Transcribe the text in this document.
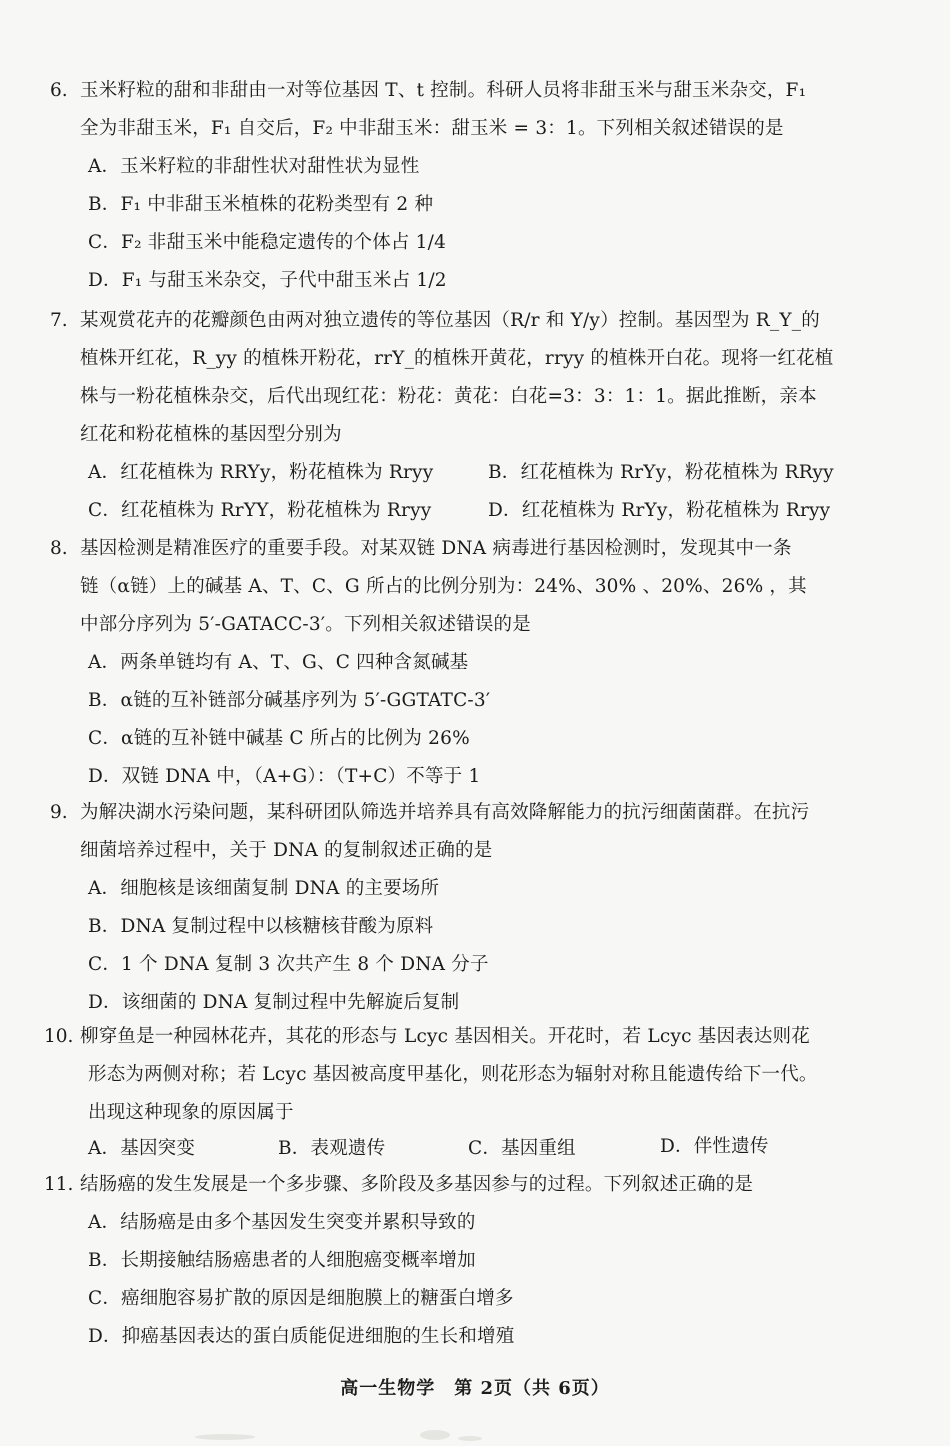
6. 玉米籽粒的甜和非甜由一对等位基因 T、t 控制。科研人员将非甜玉米与甜玉米杂交，F₁
全为非甜玉米，F₁ 自交后，F₂ 中非甜玉米：甜玉米 = 3：1。下列相关叙述错误的是
A．玉米籽粒的非甜性状对甜性状为显性
B．F₁ 中非甜玉米植株的花粉类型有 2 种
C．F₂ 非甜玉米中能稳定遗传的个体占 1/4
D．F₁ 与甜玉米杂交，子代中甜玉米占 1/2
7. 某观赏花卉的花瓣颜色由两对独立遗传的等位基因（R/r 和 Y/y）控制。基因型为 R_Y_的
植株开红花，R_yy 的植株开粉花，rrY_的植株开黄花，rryy 的植株开白花。现将一红花植
株与一粉花植株杂交，后代出现红花：粉花：黄花：白花=3：3：1：1。据此推断，亲本
红花和粉花植株的基因型分别为
A．红花植株为 RRYy，粉花植株为 Rryy	B．红花植株为 RrYy，粉花植株为 RRyy
C．红花植株为 RrYY，粉花植株为 Rryy	D．红花植株为 RrYy，粉花植株为 Rryy
8. 基因检测是精准医疗的重要手段。对某双链 DNA 病毒进行基因检测时，发现其中一条
链（α链）上的碱基 A、T、C、G 所占的比例分别为：24%、30% 、20%、26% ，其
中部分序列为 5′-GATACC-3′。下列相关叙述错误的是
A．两条单链均有 A、T、G、C 四种含氮碱基
B．α链的互补链部分碱基序列为 5′-GGTATC-3′
C．α链的互补链中碱基 C 所占的比例为 26%
D．双链 DNA 中，（A+G）：（T+C）不等于 1
9. 为解决湖水污染问题，某科研团队筛选并培养具有高效降解能力的抗污细菌菌群。在抗污
细菌培养过程中，关于 DNA 的复制叙述正确的是
A．细胞核是该细菌复制 DNA 的主要场所
B．DNA 复制过程中以核糖核苷酸为原料
C．1 个 DNA 复制 3 次共产生 8 个 DNA 分子
D．该细菌的 DNA 复制过程中先解旋后复制
10. 柳穿鱼是一种园林花卉，其花的形态与 Lcyc 基因相关。开花时，若 Lcyc 基因表达则花
形态为两侧对称；若 Lcyc 基因被高度甲基化，则花形态为辐射对称且能遗传给下一代。
出现这种现象的原因属于
A．基因突变	B．表观遗传	C．基因重组	D．伴性遗传
11. 结肠癌的发生发展是一个多步骤、多阶段及多基因参与的过程。下列叙述正确的是
A．结肠癌是由多个基因发生突变并累积导致的
B．长期接触结肠癌患者的人细胞癌变概率增加
C．癌细胞容易扩散的原因是细胞膜上的糖蛋白增多
D．抑癌基因表达的蛋白质能促进细胞的生长和增殖
高一生物学　第 2页（共 6页）
